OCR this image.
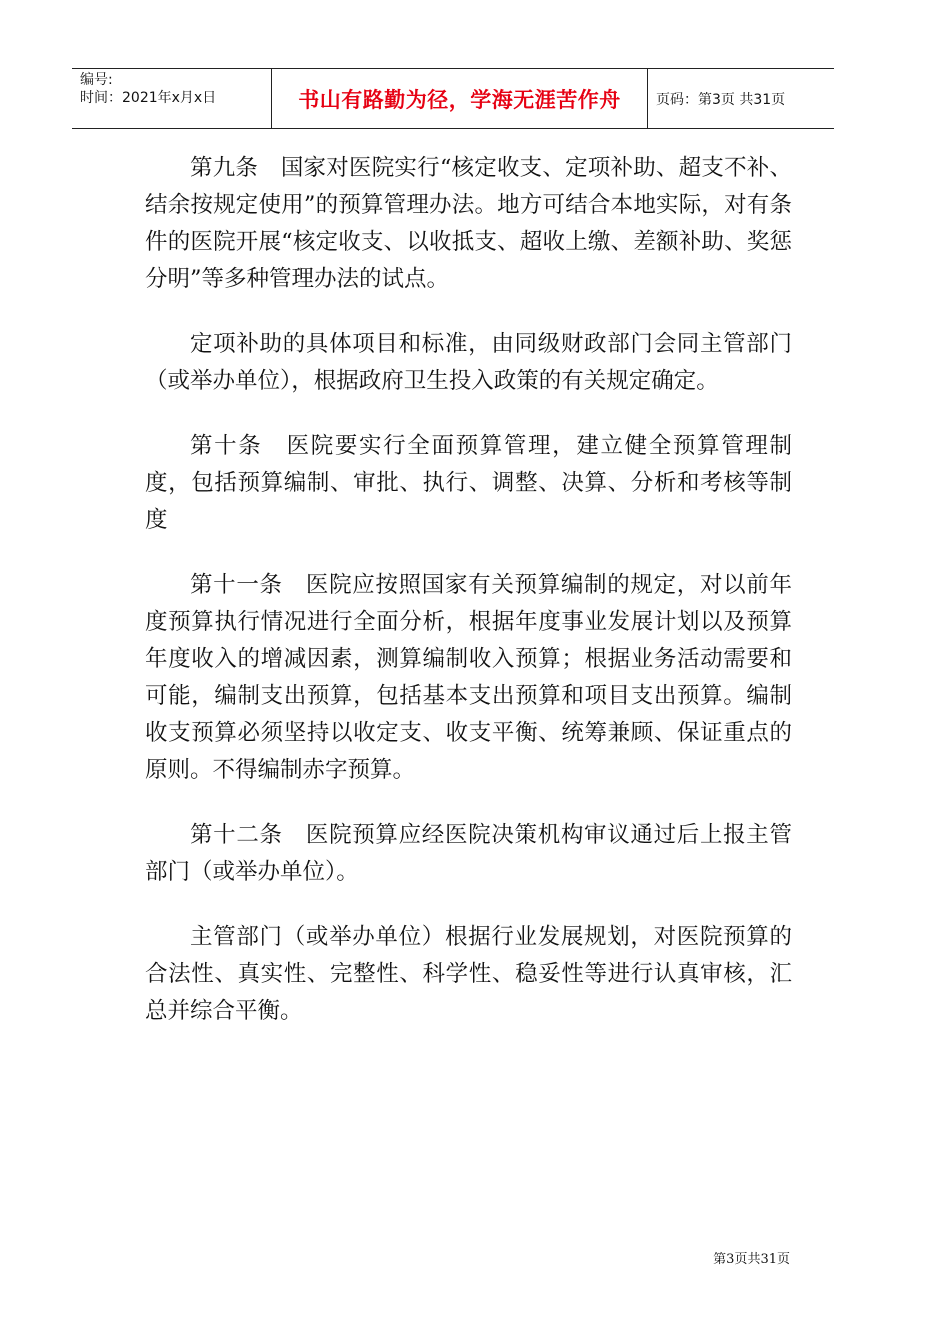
编号:
时间：2021年x月x日	书山有路勤为径，学海无涯苦作舟	页码：第3页 共31页

第九条　国家对医院实行“核定收支、定项补助、超支不补、结余按规定使用”的预算管理办法。地方可结合本地实际，对有条件的医院开展“核定收支、以收抵支、超收上缴、差额补助、奖惩分明”等多种管理办法的试点。

定项补助的具体项目和标准，由同级财政部门会同主管部门（或举办单位），根据政府卫生投入政策的有关规定确定。

第十条　医院要实行全面预算管理，建立健全预算管理制度，包括预算编制、审批、执行、调整、决算、分析和考核等制度

第十一条　医院应按照国家有关预算编制的规定，对以前年度预算执行情况进行全面分析，根据年度事业发展计划以及预算年度收入的增减因素，测算编制收入预算；根据业务活动需要和可能，编制支出预算，包括基本支出预算和项目支出预算。编制收支预算必须坚持以收定支、收支平衡、统筹兼顾、保证重点的原则。不得编制赤字预算。

第十二条　医院预算应经医院决策机构审议通过后上报主管部门（或举办单位）。

主管部门（或举办单位）根据行业发展规划，对医院预算的合法性、真实性、完整性、科学性、稳妥性等进行认真审核，汇总并综合平衡。

第3页共31页
